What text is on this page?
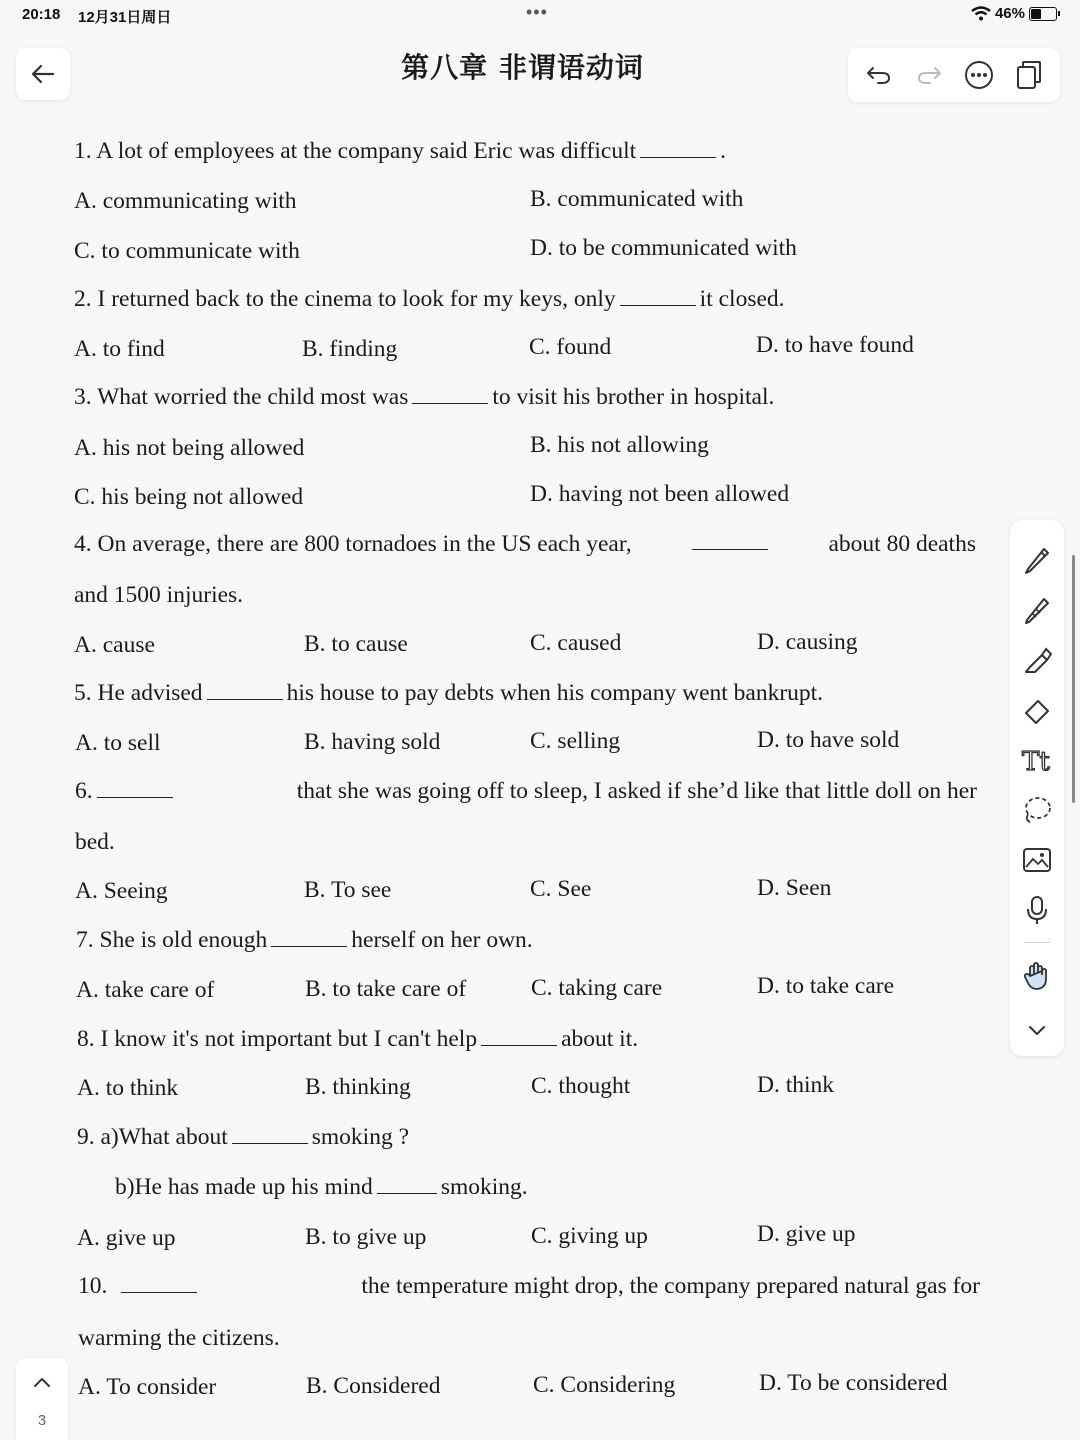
20:18 12月31日周日	•••	46%
第八章 非谓语动词
1. A lot of employees at the company said Eric was difficult	.
A. communicating with	B. communicated with
C. to communicate with	D. to be communicated with
2. I returned back to the cinema to look for my keys, only	it closed.
A. to find	B. finding	C. found	D. to have found
3. What worried the child most was	to visit his brother in hospital.
A. his not being allowed	B. his not allowing
C. his being not allowed	D. having not been allowed
4. On average, there are 800 tornadoes in the US each year,	about 80 deaths
and 1500 injuries.
A. cause	B. to cause	C. caused	D. causing
5. He advised	his house to pay debts when his company went bankrupt.
A. to sell	B. having sold	C. selling	D. to have sold
6.	that she was going off to sleep, I asked if she’d like that little doll on her
bed.
A. Seeing	B. To see	C. See	D. Seen
7. She is old enough	herself on her own.
A. take care of	B. to take care of	C. taking care	D. to take care
8. I know it's not important but I can't help	about it.
A. to think	B. thinking	C. thought	D. think
9. a)What about	smoking ?
b)He has made up his mind	smoking.
A. give up	B. to give up	C. giving up	D. give up
10.	the temperature might drop, the company prepared natural gas for
warming the citizens.
A. To consider	B. Considered	C. Considering	D. To be considered
Tt
3
